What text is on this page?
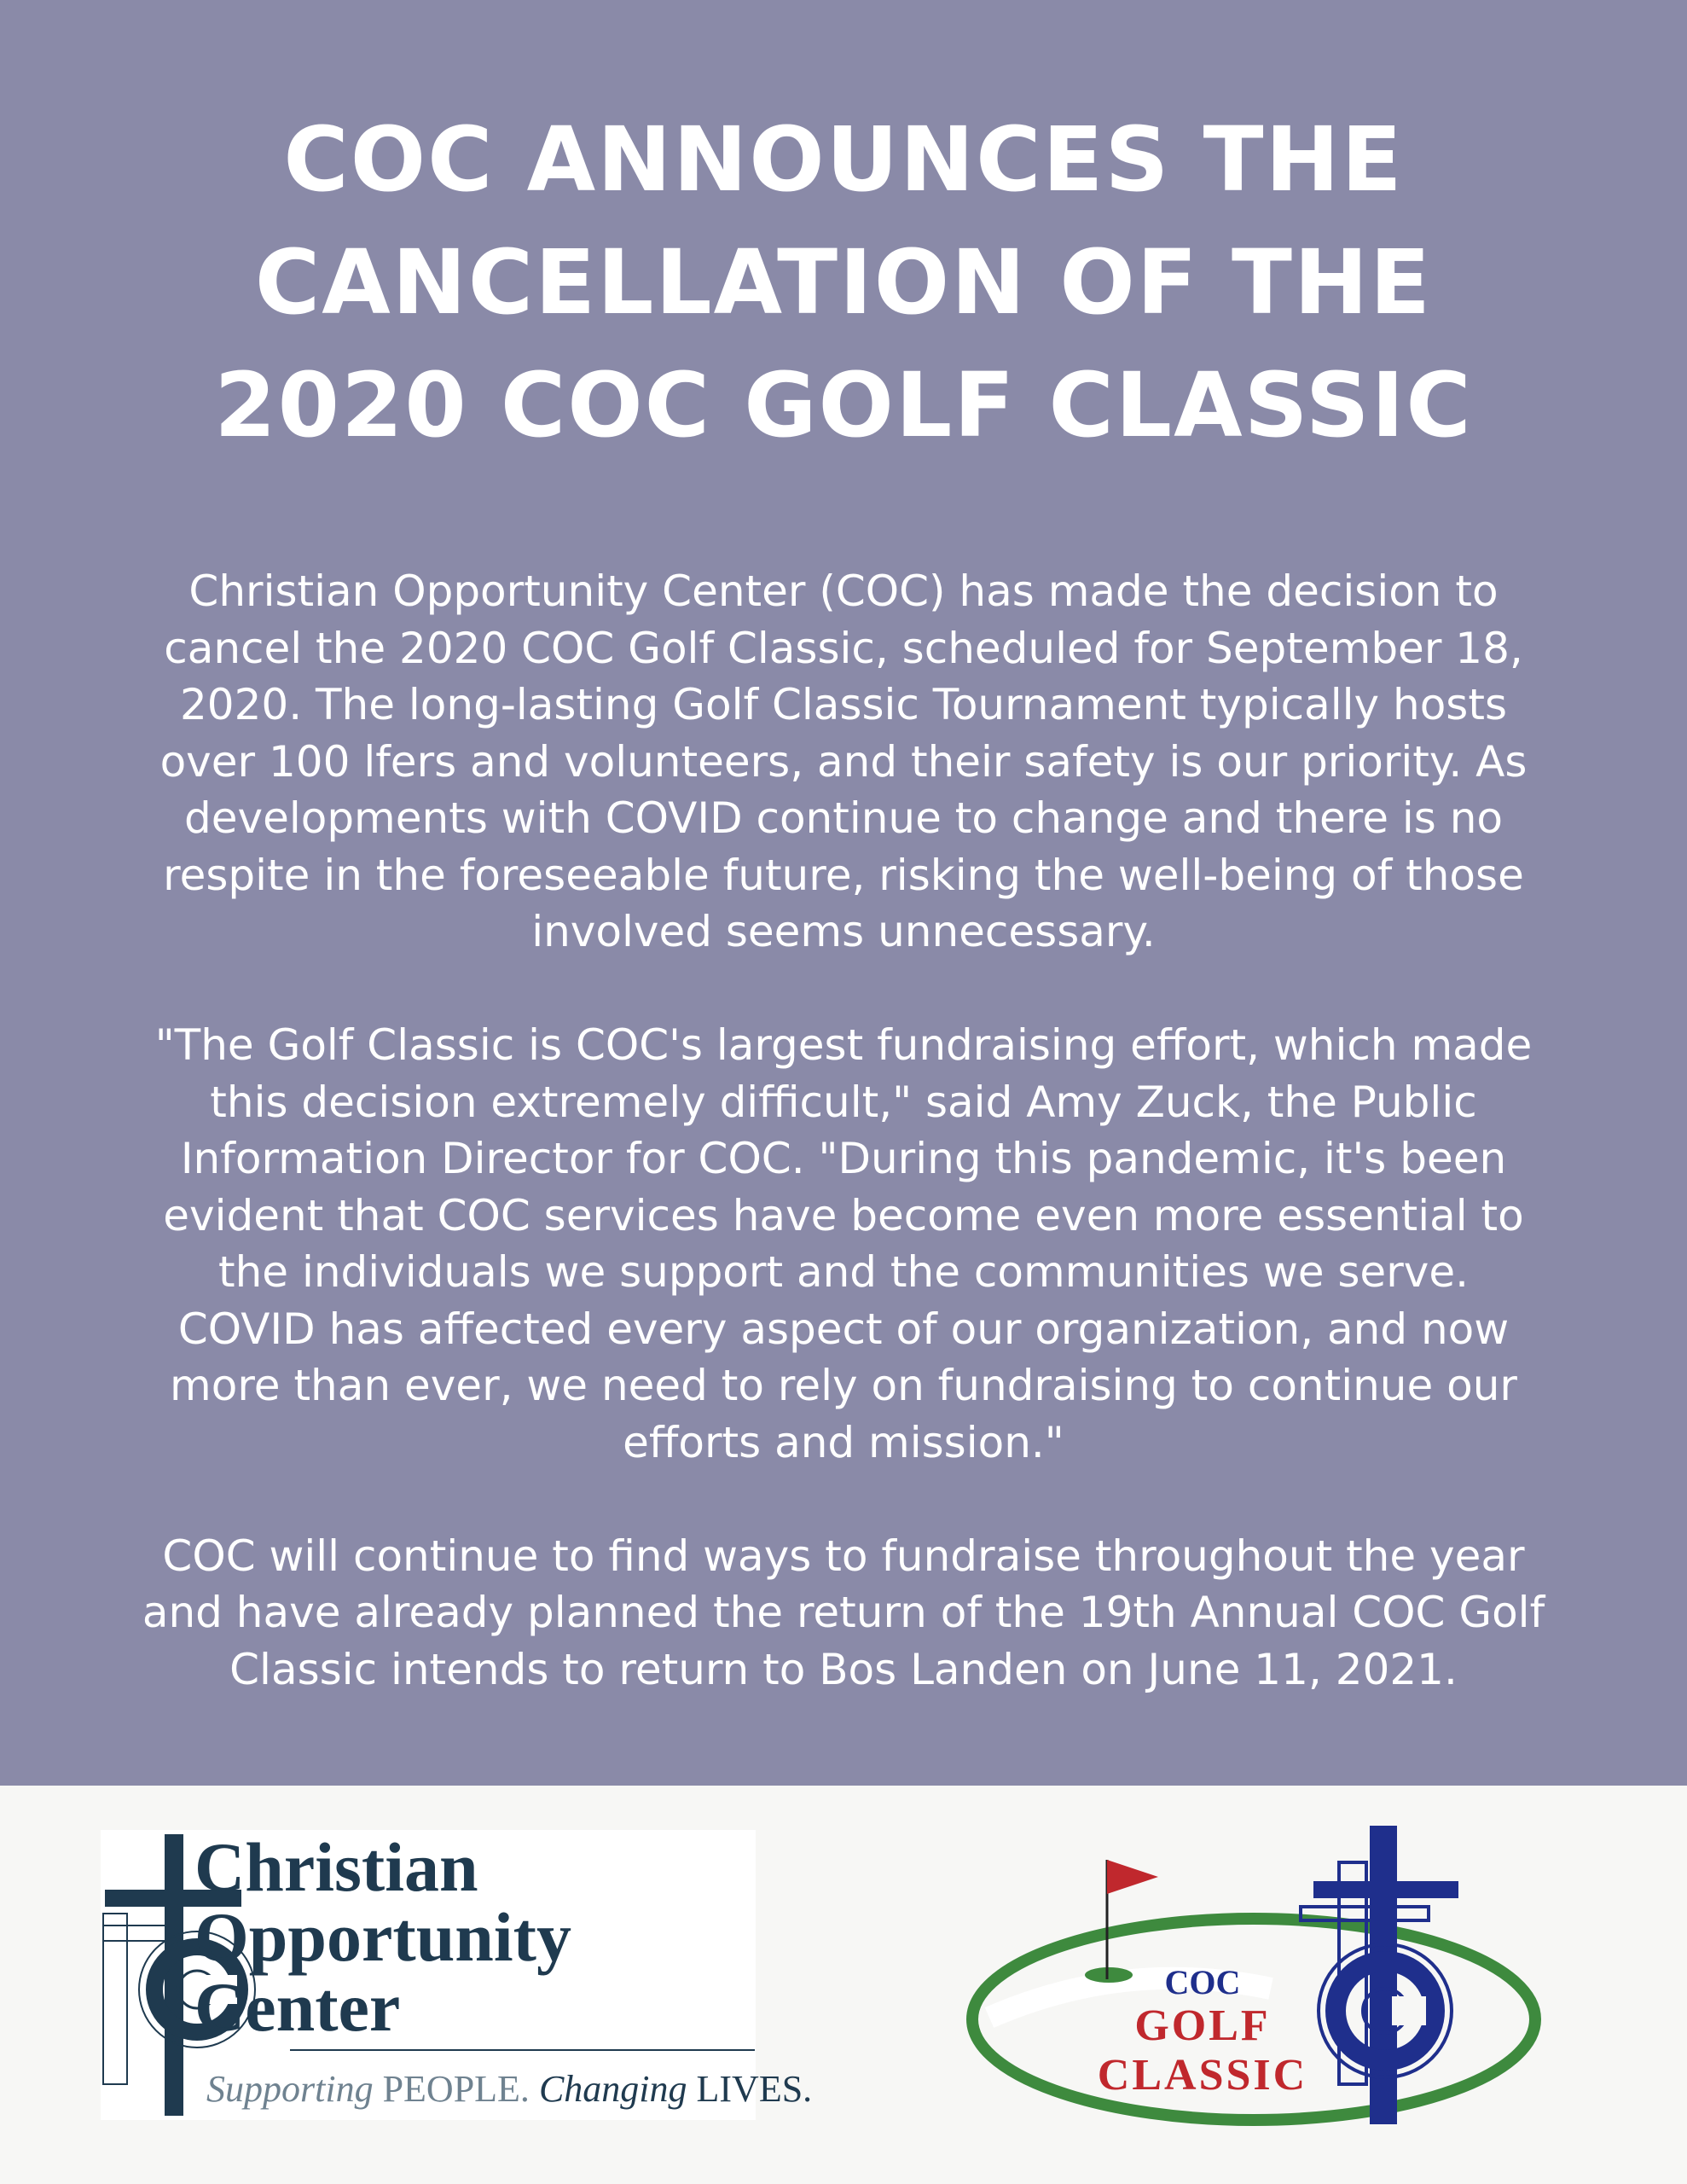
COC ANNOUNCES THE
CANCELLATION OF THE
2020 COC GOLF CLASSIC
Christian Opportunity Center (COC) has made the decision to
cancel the 2020 COC Golf Classic, scheduled for September 18,
2020. The long-lasting Golf Classic Tournament typically hosts
over 100 lfers and volunteers, and their safety is our priority. As
developments with COVID continue to change and there is no
respite in the foreseeable future, risking the well-being of those
involved seems unnecessary.
"The Golf Classic is COC's largest fundraising effort, which made
this decision extremely difficult," said Amy Zuck, the Public
Information Director for COC. "During this pandemic, it's been
evident that COC services have become even more essential to
the individuals we support and the communities we serve.
COVID has affected every aspect of our organization, and now
more than ever, we need to rely on fundraising to continue our
efforts and mission."
COC will continue to find ways to fundraise throughout the year
and have already planned the return of the 19th Annual COC Golf
Classic intends to return to Bos Landen on June 11, 2021.
Christian
Opportunity
Center
Supporting PEOPLE. Changing LIVES.
COC
GOLF
CLASSIC
